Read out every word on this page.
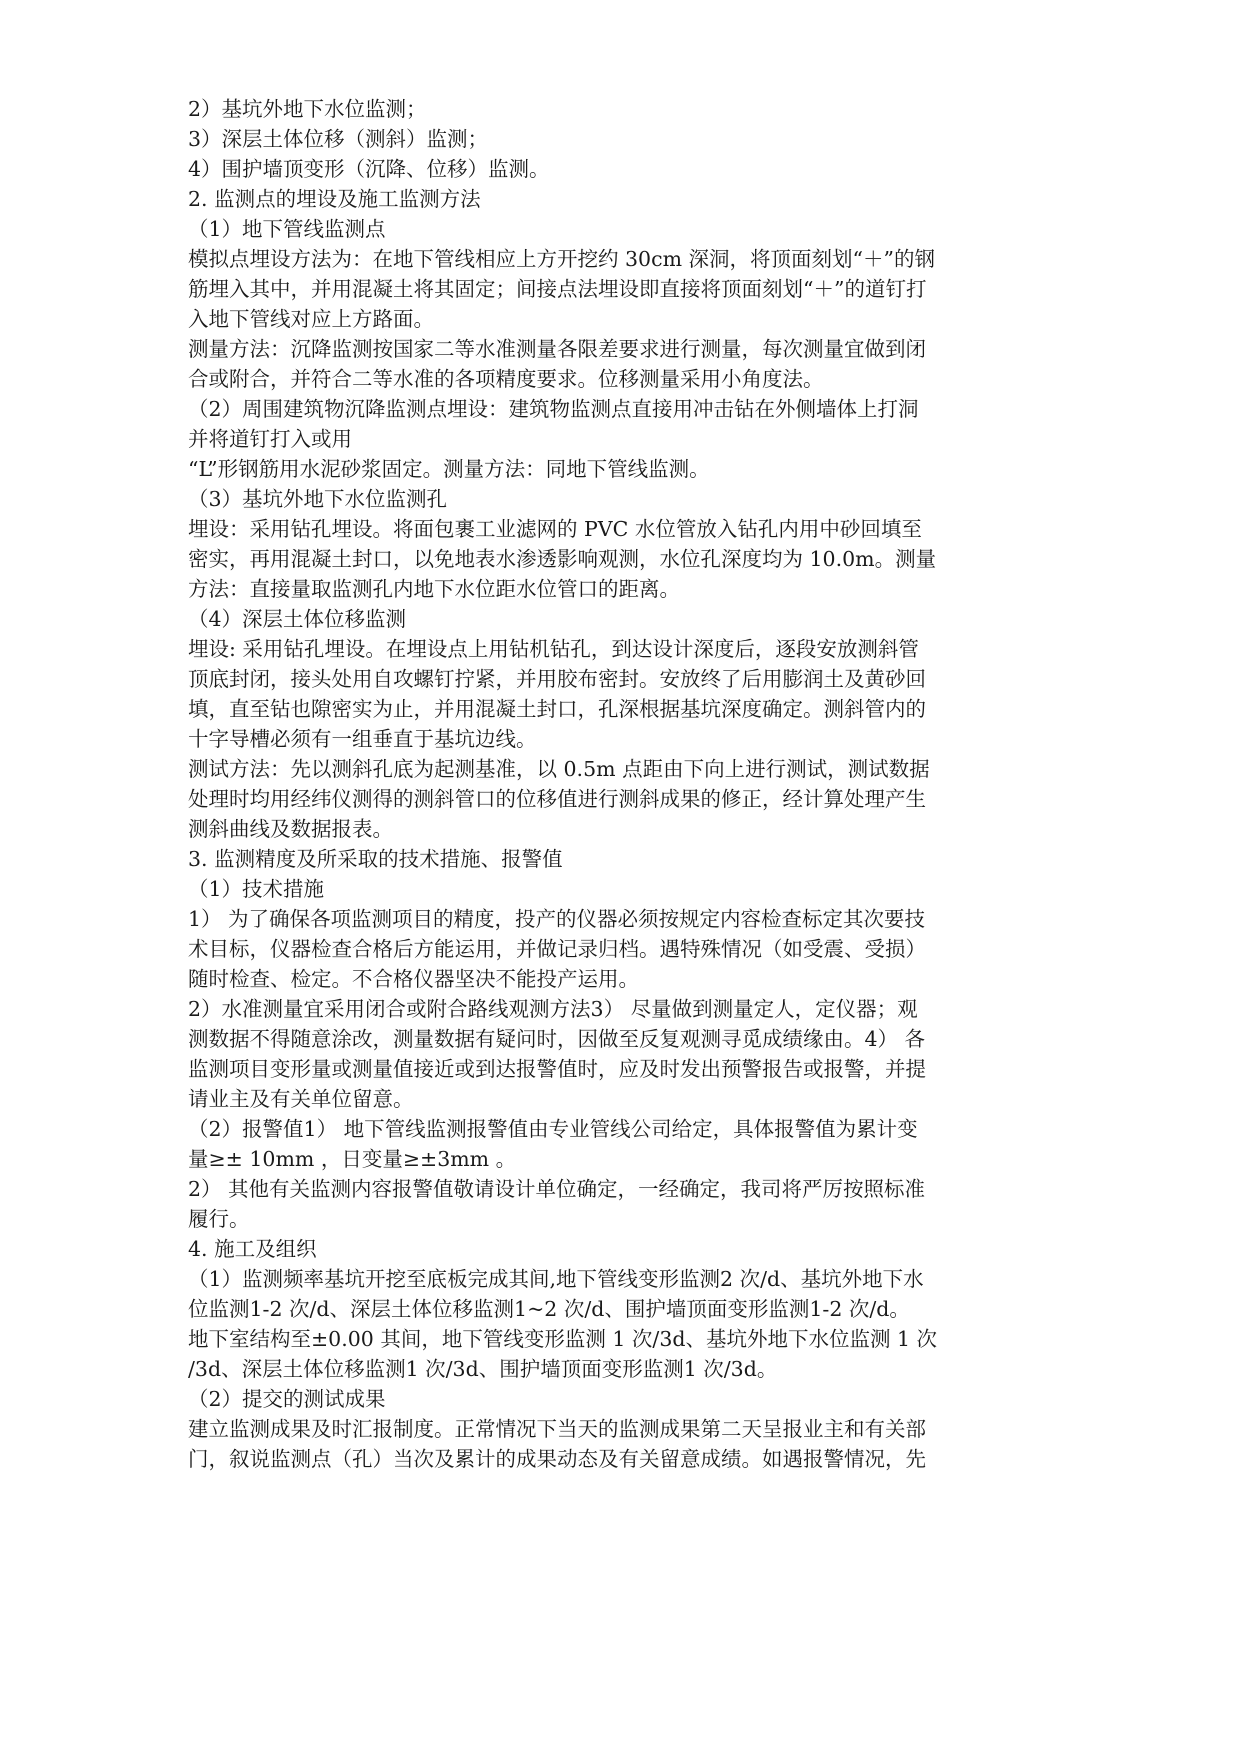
2）基坑外地下水位监测；
3）深层土体位移（测斜）监测；
4）围护墙顶变形（沉降、位移）监测。
2. 监测点的埋设及施工监测方法
（1）地下管线监测点
模拟点埋设方法为：在地下管线相应上方开挖约 30cm 深洞，将顶面刻划“＋”的钢
筋埋入其中，并用混凝土将其固定；间接点法埋设即直接将顶面刻划“＋”的道钉打
入地下管线对应上方路面。
测量方法：沉降监测按国家二等水准测量各限差要求进行测量，每次测量宜做到闭
合或附合，并符合二等水准的各项精度要求。位移测量采用小角度法。
（2）周围建筑物沉降监测点埋设：建筑物监测点直接用冲击钻在外侧墙体上打洞
并将道钉打入或用
“L”形钢筋用水泥砂浆固定。测量方法：同地下管线监测。
（3）基坑外地下水位监测孔
埋设：采用钻孔埋设。将面包裹工业滤网的 PVC 水位管放入钻孔内用中砂回填至
密实，再用混凝土封口，以免地表水渗透影响观测，水位孔深度均为 10.0m。测量
方法：直接量取监测孔内地下水位距水位管口的距离。
（4）深层土体位移监测
埋设: 采用钻孔埋设。在埋设点上用钻机钻孔，到达设计深度后，逐段安放测斜管
顶底封闭，接头处用自攻螺钉拧紧，并用胶布密封。安放终了后用膨润土及黄砂回
填，直至钻也隙密实为止，并用混凝土封口，孔深根据基坑深度确定。测斜管内的
十字导槽必须有一组垂直于基坑边线。
测试方法：先以测斜孔底为起测基准，以 0.5m 点距由下向上进行测试，测试数据
处理时均用经纬仪测得的测斜管口的位移值进行测斜成果的修正，经计算处理产生
测斜曲线及数据报表。
3. 监测精度及所采取的技术措施、报警值
（1）技术措施
1） 为了确保各项监测项目的精度，投产的仪器必须按规定内容检查标定其次要技
术目标，仪器检查合格后方能运用，并做记录归档。遇特殊情况（如受震、受损）
随时检查、检定。不合格仪器坚决不能投产运用。
2）水准测量宜采用闭合或附合路线观测方法3） 尽量做到测量定人，定仪器；观
测数据不得随意涂改，测量数据有疑问时，因做至反复观测寻觅成绩缘由。4） 各
监测项目变形量或测量值接近或到达报警值时，应及时发出预警报告或报警，并提
请业主及有关单位留意。
（2）报警值1） 地下管线监测报警值由专业管线公司给定，具体报警值为累计变
量≥± 10mm ，日变量≥±3mm 。
2） 其他有关监测内容报警值敬请设计单位确定，一经确定，我司将严厉按照标准
履行。
4. 施工及组织
（1）监测频率基坑开挖至底板完成其间,地下管线变形监测2 次/d、基坑外地下水
位监测1-2 次/d、深层土体位移监测1~2 次/d、围护墙顶面变形监测1-2 次/d。
地下室结构至±0.00 其间，地下管线变形监测 1 次/3d、基坑外地下水位监测 1 次
/3d、深层土体位移监测1 次/3d、围护墙顶面变形监测1 次/3d。
（2）提交的测试成果
建立监测成果及时汇报制度。正常情况下当天的监测成果第二天呈报业主和有关部
门，叙说监测点（孔）当次及累计的成果动态及有关留意成绩。如遇报警情况，先
